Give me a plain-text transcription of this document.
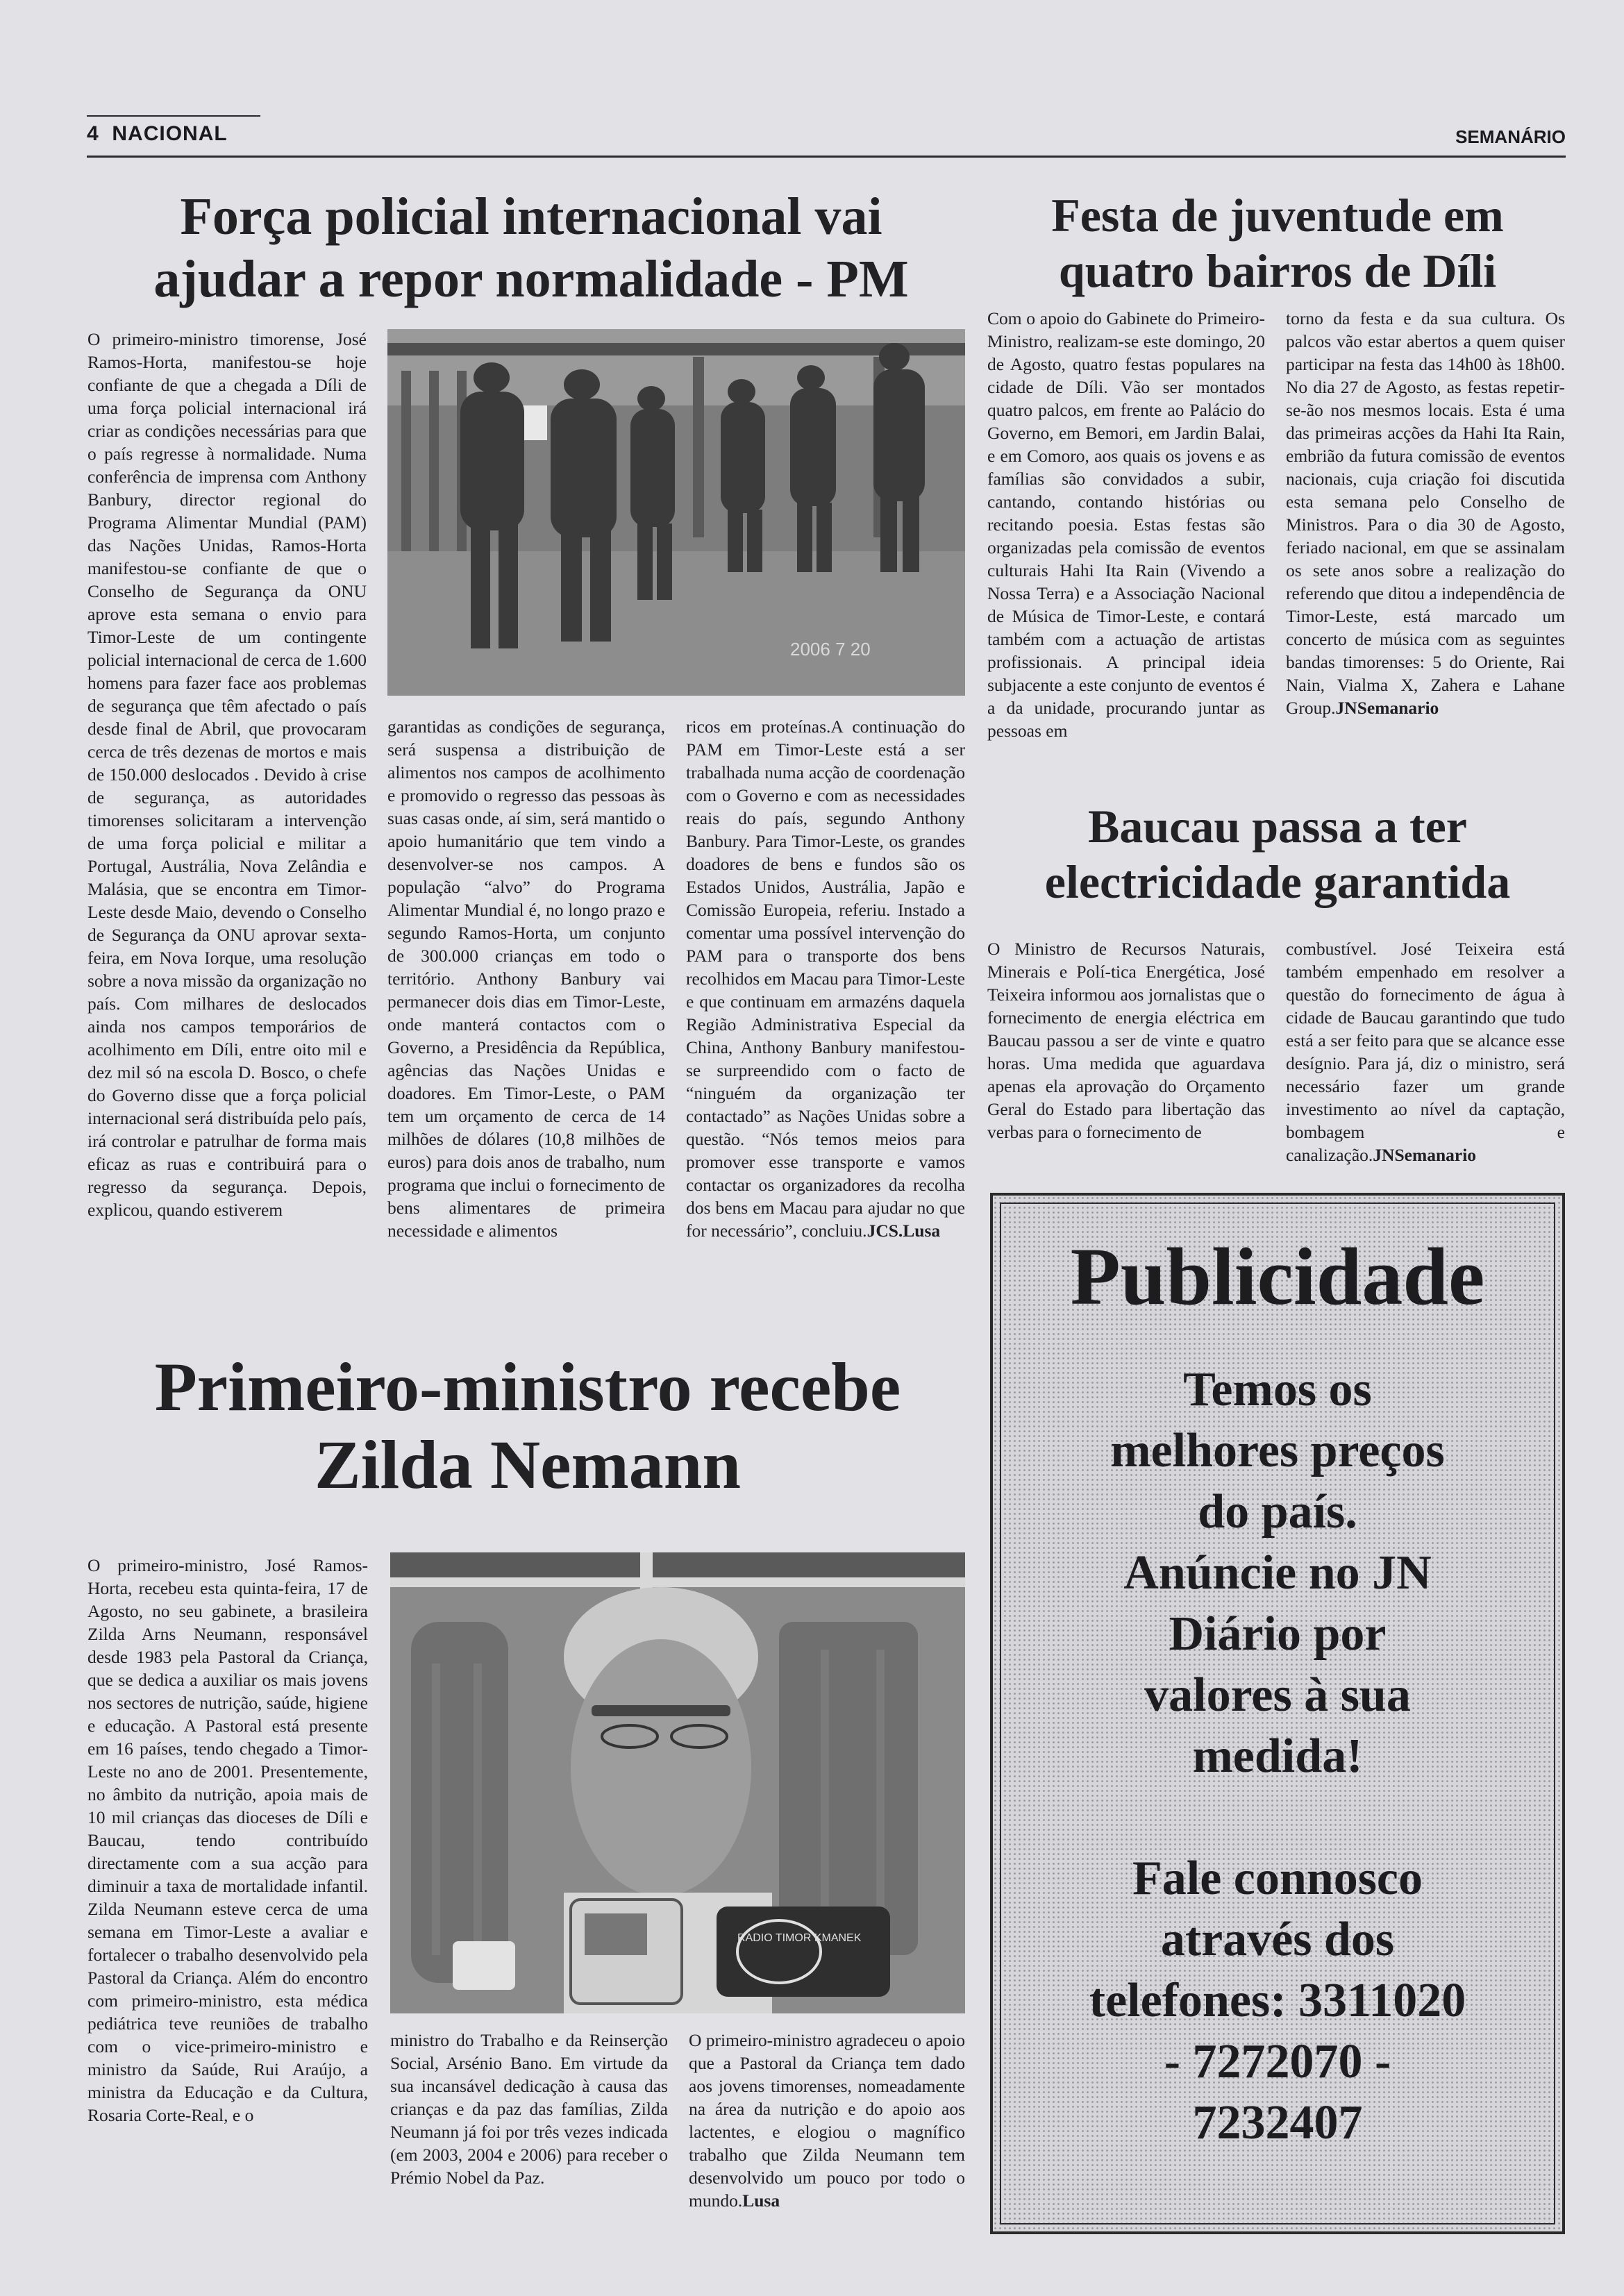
4 NACIONAL	SEMANÁRIO
Força policial internacional vai
ajudar a repor normalidade - PM

O primeiro-ministro timorense, José Ramos-Horta, manifestou-se hoje confiante de que a chegada a Díli de uma força policial internacional irá criar as condições necessárias para que o país regresse à normalidade. Numa conferência de imprensa com Anthony Banbury, director regional do Programa Alimentar Mundial (PAM) das Nações Unidas, Ramos-Horta manifestou-se confiante de que o Conselho de Segurança da ONU aprove esta semana o envio para Timor-Leste de um contingente policial internacional de cerca de 1.600 homens para fazer face aos problemas de segurança que têm afectado o país desde final de Abril, que provocaram cerca de três dezenas de mortos e mais de 150.000 deslocados . Devido à crise de segurança, as autoridades timorenses solicitaram a intervenção de uma força policial e militar a Portugal, Austrália, Nova Zelândia e Malásia, que se encontra em Timor-Leste desde Maio, devendo o Conselho de Segurança da ONU aprovar sexta-feira, em Nova Iorque, uma resolução sobre a nova missão da organização no país. Com milhares de deslocados ainda nos campos temporários de acolhimento em Díli, entre oito mil e dez mil só na escola D. Bosco, o chefe do Governo disse que a força policial internacional será distribuída pelo país, irá controlar e patrulhar de forma mais eficaz as ruas e contribuirá para o regresso da segurança. Depois, explicou, quando estiverem

2006 7 20

garantidas as condições de segurança, será suspensa a distribuição de alimentos nos campos de acolhimento e promovido o regresso das pessoas às suas casas onde, aí sim, será mantido o apoio humanitário que tem vindo a desenvolver-se nos campos. A população “alvo” do Programa Alimentar Mundial é, no longo prazo e segundo Ramos-Horta, um conjunto de 300.000 crianças em todo o território. Anthony Banbury vai permanecer dois dias em Timor-Leste, onde manterá contactos com o Governo, a Presidência da República, agências das Nações Unidas e doadores. Em Timor-Leste, o PAM tem um orçamento de cerca de 14 milhões de dólares (10,8 milhões de euros) para dois anos de trabalho, num programa que inclui o fornecimento de bens alimentares de primeira necessidade e alimentos

ricos em proteínas.A continuação do PAM em Timor-Leste está a ser trabalhada numa acção de coordenação com o Governo e com as necessidades reais do país, segundo Anthony Banbury. Para Timor-Leste, os grandes doadores de bens e fundos são os Estados Unidos, Austrália, Japão e Comissão Europeia, referiu. Instado a comentar uma possível intervenção do PAM para o transporte dos bens recolhidos em Macau para Timor-Leste e que continuam em armazéns daquela Região Administrativa Especial da China, Anthony Banbury manifestou-se surpreendido com o facto de “ninguém da organização ter contactado” as Nações Unidas sobre a questão. “Nós temos meios para promover esse transporte e vamos contactar os organizadores da recolha dos bens em Macau para ajudar no que for necessário”, concluiu.JCS.Lusa

Festa de juventude em
quatro bairros de Díli

Com o apoio do Gabinete do Primeiro-Ministro, realizam-se este domingo, 20 de Agosto, quatro festas populares na cidade de Díli. Vão ser montados quatro palcos, em frente ao Palácio do Governo, em Bemori, em Jardin Balai, e em Comoro, aos quais os jovens e as famílias são convidados a subir, cantando, contando histórias ou recitando poesia. Estas festas são organizadas pela comissão de eventos culturais Hahi Ita Rain (Vivendo a Nossa Terra) e a Associação Nacional de Música de Timor-Leste, e contará também com a actuação de artistas profissionais. A principal ideia subjacente a este conjunto de eventos é a da unidade, procurando juntar as pessoas em

torno da festa e da sua cultura. Os palcos vão estar abertos a quem quiser participar na festa das 14h00 às 18h00. No dia 27 de Agosto, as festas repetir-se-ão nos mesmos locais. Esta é uma das primeiras acções da Hahi Ita Rain, embrião da futura comissão de eventos nacionais, cuja criação foi discutida esta semana pelo Conselho de Ministros. Para o dia 30 de Agosto, feriado nacional, em que se assinalam os sete anos sobre a realização do referendo que ditou a independência de Timor-Leste, está marcado um concerto de música com as seguintes bandas timorenses: 5 do Oriente, Rai Nain, Vialma X, Zahera e Lahane Group.JNSemanario

Baucau passa a ter
electricidade garantida

O Ministro de Recursos Naturais, Minerais e Polí-tica Energética, José Teixeira informou aos jornalistas que o fornecimento de energia eléctrica em Baucau passou a ser de vinte e quatro horas. Uma medida que aguardava apenas ela aprovação do Orçamento Geral do Estado para libertação das verbas para o fornecimento de

combustível. José Teixeira está também empenhado em resolver a questão do fornecimento de água à cidade de Baucau garantindo que tudo está a ser feito para que se alcance esse desígnio. Para já, diz o ministro, será necessário fazer um grande investimento ao nível da captação, bombagem e canalização.JNSemanario

Publicidade
Temos os
melhores preços
do país.
Anúncie no JN
Diário por
valores à sua
medida!
Fale connosco
através dos
telefones: 3311020
- 7272070 -
7232407
Primeiro-ministro recebe
Zilda Nemann

O primeiro-ministro, José Ramos-Horta, recebeu esta quinta-feira, 17 de Agosto, no seu gabinete, a brasileira Zilda Arns Neumann, responsável desde 1983 pela Pastoral da Criança, que se dedica a auxiliar os mais jovens nos sectores de nutrição, saúde, higiene e educação. A Pastoral está presente em 16 países, tendo chegado a Timor-Leste no ano de 2001. Presentemente, no âmbito da nutrição, apoia mais de 10 mil crianças das dioceses de Díli e Baucau, tendo contribuído directamente com a sua acção para diminuir a taxa de mortalidade infantil. Zilda Neumann esteve cerca de uma semana em Timor-Leste a avaliar e fortalecer o trabalho desenvolvido pela Pastoral da Criança. Além do encontro com primeiro-ministro, esta médica pediátrica teve reuniões de trabalho com o vice-primeiro-ministro e ministro da Saúde, Rui Araújo, a ministra da Educação e da Cultura, Rosaria Corte-Real, e o

RADIO TIMOR KMANEK

ministro do Trabalho e da Reinserção Social, Arsénio Bano. Em virtude da sua incansável dedicação à causa das crianças e da paz das famílias, Zilda Neumann já foi por três vezes indicada (em 2003, 2004 e 2006) para receber o Prémio Nobel da Paz.

O primeiro-ministro agradeceu o apoio que a Pastoral da Criança tem dado aos jovens timorenses, nomeadamente na área da nutrição e do apoio aos lactentes, e elogiou o magnífico trabalho que Zilda Neumann tem desenvolvido um pouco por todo o mundo.Lusa
